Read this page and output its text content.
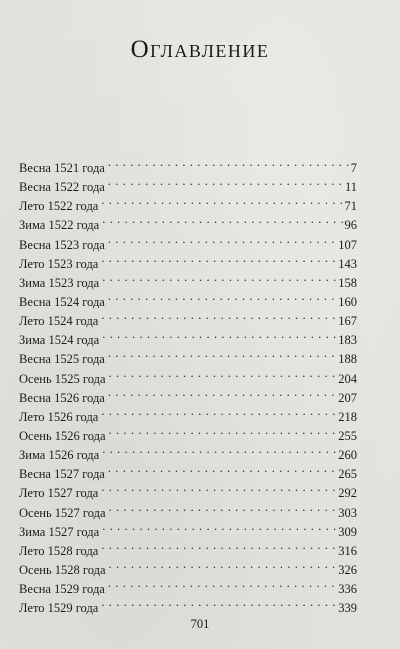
Оглавление
Весна 1521 года . . .	7
Весна 1522 года . . .	11
Лето 1522 года . . .	71
Зима 1522 года . . .	96
Весна 1523 года . . .	107
Лето 1523 года . . .	143
Зима 1523 года . . .	158
Весна 1524 года . . .	160
Лето 1524 года . . .	167
Зима 1524 года . . .	183
Весна 1525 года . . .	188
Осень 1525 года . . .	204
Весна 1526 года . . .	207
Лето 1526 года . . .	218
Осень 1526 года . . .	255
Зима 1526 года . . .	260
Весна 1527 года . . .	265
Лето 1527 года . . .	292
Осень 1527 года . . .	303
Зима 1527 года . . .	309
Лето 1528 года . . .	316
Осень 1528 года . . .	326
Весна 1529 года . . .	336
Лето 1529 года . . .	339
701
